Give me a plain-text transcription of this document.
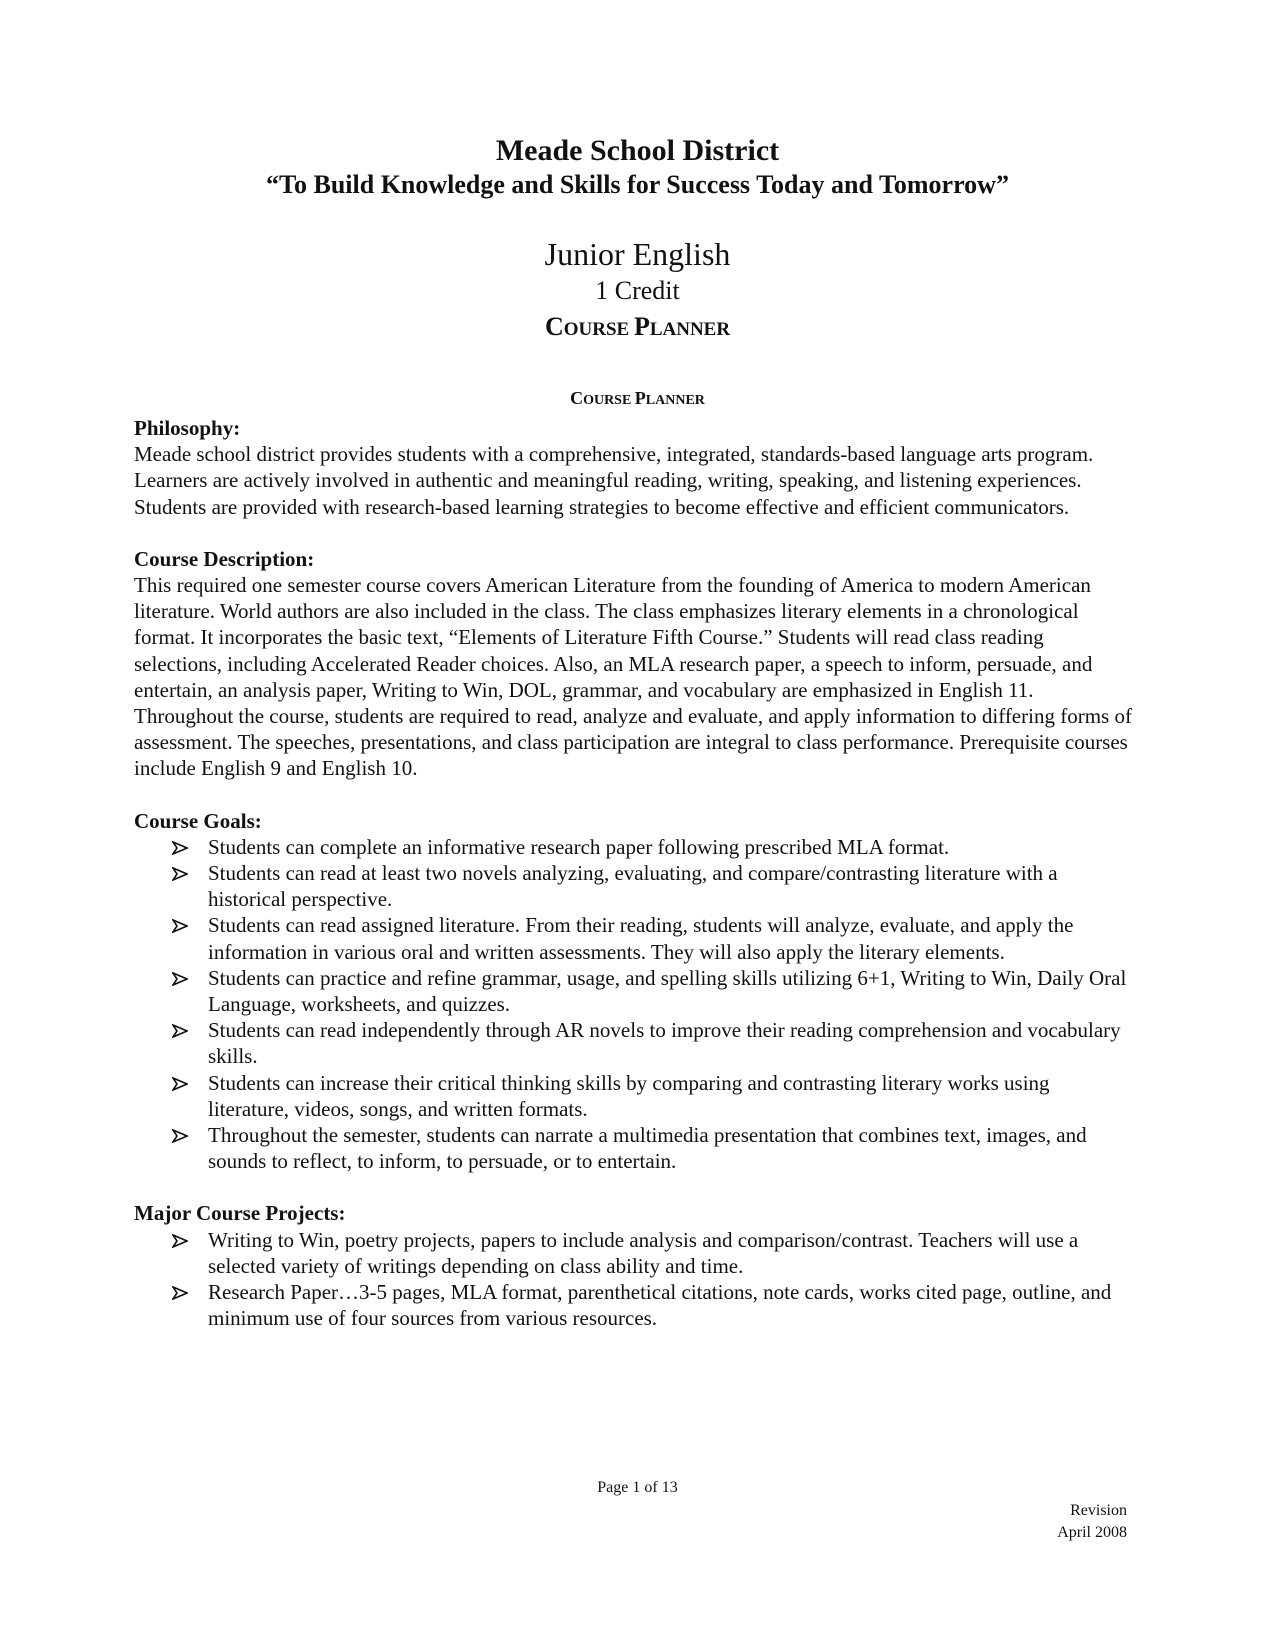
Meade School District
“To Build Knowledge and Skills for Success Today and Tomorrow”
Junior English
1 Credit
COURSE PLANNER
COURSE PLANNER

Philosophy:

Meade school district provides students with a comprehensive, integrated, standards-based language arts program. Learners are actively involved in authentic and meaningful reading, writing, speaking, and listening experiences. Students are provided with research-based learning strategies to become effective and efficient communicators.

Course Description:

This required one semester course covers American Literature from the founding of America to modern American literature. World authors are also included in the class. The class emphasizes literary elements in a chronological format. It incorporates the basic text, “Elements of Literature Fifth Course.” Students will read class reading selections, including Accelerated Reader choices. Also, an MLA research paper, a speech to inform, persuade, and entertain, an analysis paper, Writing to Win, DOL, grammar, and vocabulary are emphasized in English 11. Throughout the course, students are required to read, analyze and evaluate, and apply information to differing forms of assessment. The speeches, presentations, and class participation are integral to class performance. Prerequisite courses include English 9 and English 10.

Course Goals:

Students can complete an informative research paper following prescribed MLA format.
Students can read at least two novels analyzing, evaluating, and compare/contrasting literature with a historical perspective.
Students can read assigned literature. From their reading, students will analyze, evaluate, and apply the information in various oral and written assessments. They will also apply the literary elements.
Students can practice and refine grammar, usage, and spelling skills utilizing 6+1, Writing to Win, Daily Oral Language, worksheets, and quizzes.
Students can read independently through AR novels to improve their reading comprehension and vocabulary skills.
Students can increase their critical thinking skills by comparing and contrasting literary works using literature, videos, songs, and written formats.
Throughout the semester, students can narrate a multimedia presentation that combines text, images, and sounds to reflect, to inform, to persuade, or to entertain.

Major Course Projects:

Writing to Win, poetry projects, papers to include analysis and comparison/contrast. Teachers will use a selected variety of writings depending on class ability and time.
Research Paper…3-5 pages, MLA format, parenthetical citations, note cards, works cited page, outline, and minimum use of four sources from various resources.
Page 1 of 13
Revision
April 2008
